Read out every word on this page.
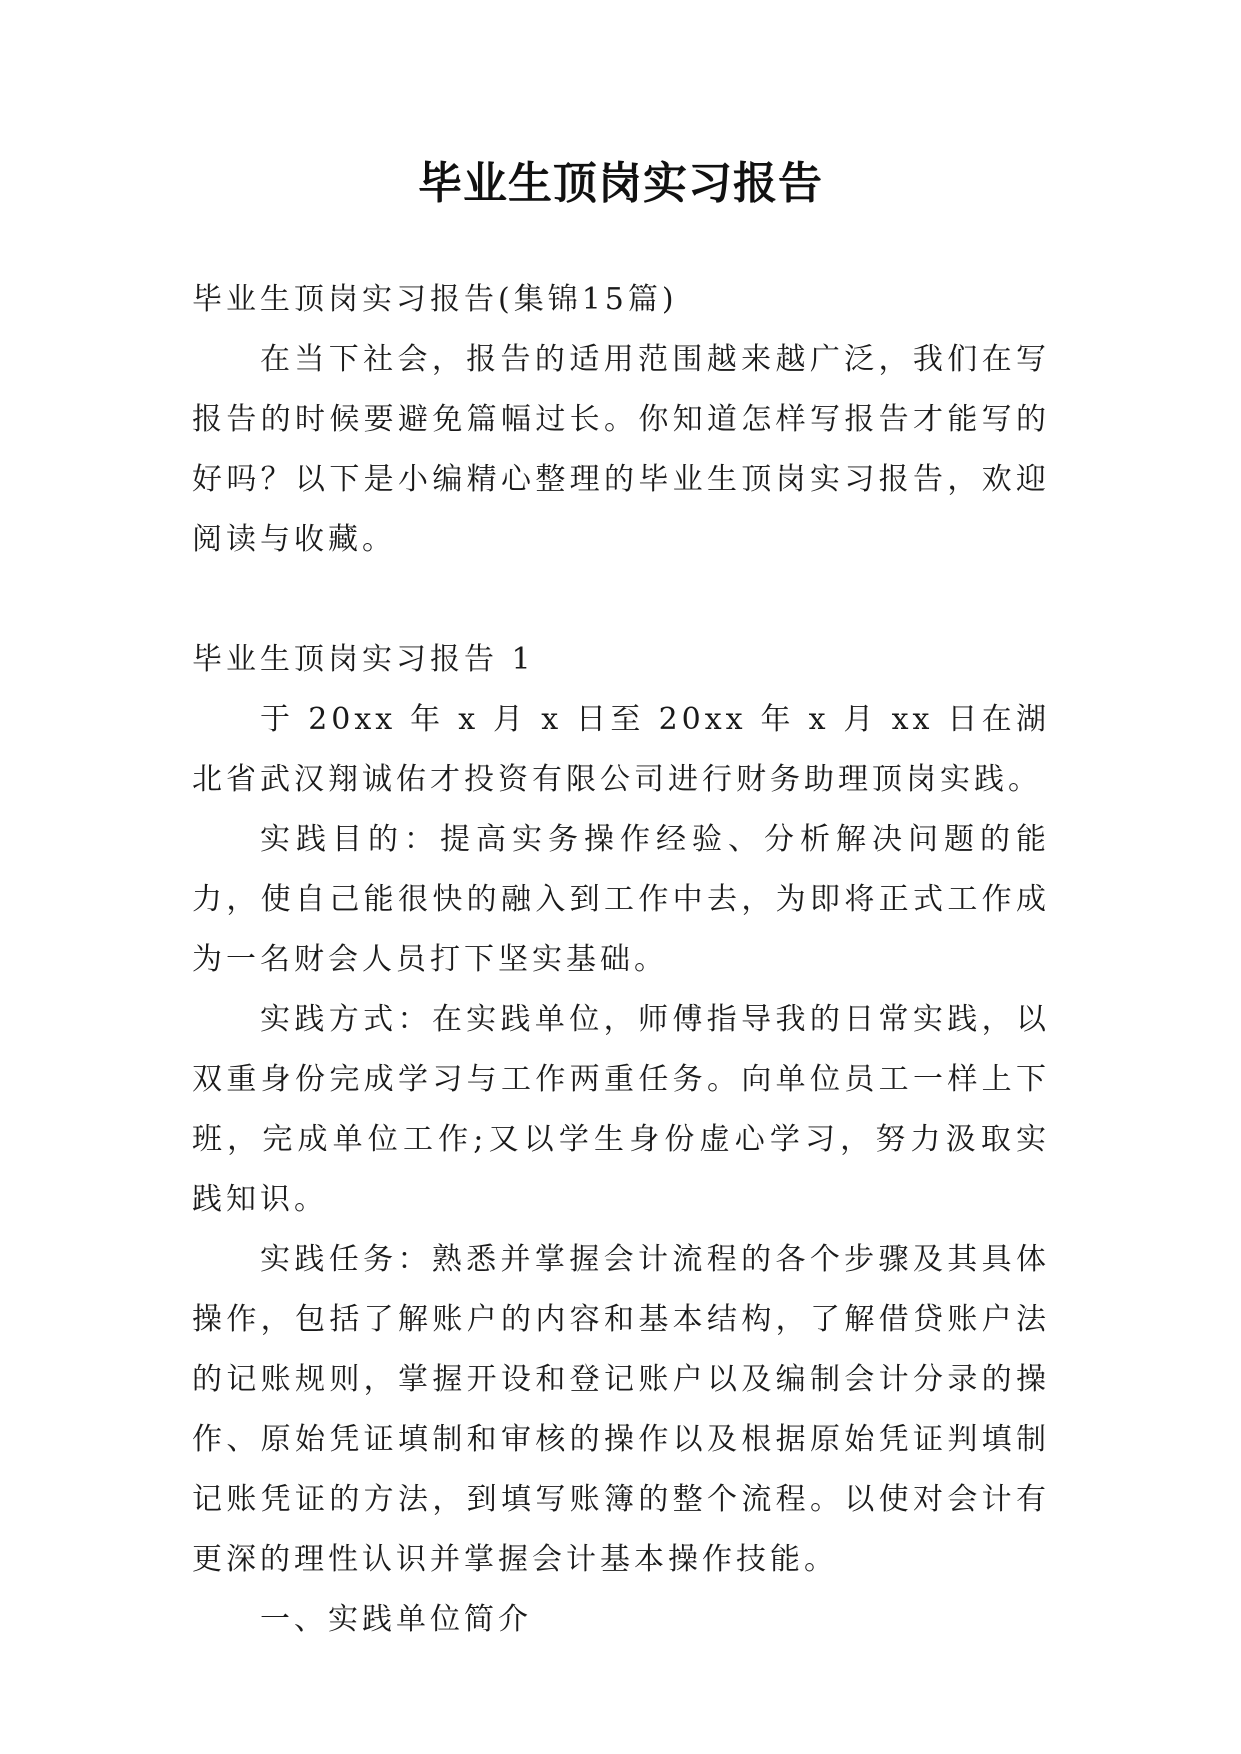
毕业生顶岗实习报告

毕业生顶岗实习报告(集锦15篇)

在当下社会，报告的适用范围越来越广泛，我们在写报告的时候要避免篇幅过长。你知道怎样写报告才能写的好吗？以下是小编精心整理的毕业生顶岗实习报告，欢迎阅读与收藏。

毕业生顶岗实习报告 1

于 20xx 年 x 月 x 日至 20xx 年 x 月 xx 日在湖北省武汉翔诚佑才投资有限公司进行财务助理顶岗实践。

实践目的：提高实务操作经验、分析解决问题的能力，使自己能很快的融入到工作中去，为即将正式工作成为一名财会人员打下坚实基础。

实践方式：在实践单位，师傅指导我的日常实践，以双重身份完成学习与工作两重任务。向单位员工一样上下班，完成单位工作;又以学生身份虚心学习，努力汲取实践知识。

实践任务：熟悉并掌握会计流程的各个步骤及其具体操作，包括了解账户的内容和基本结构，了解借贷账户法的记账规则，掌握开设和登记账户以及编制会计分录的操作、原始凭证填制和审核的操作以及根据原始凭证判填制记账凭证的方法，到填写账簿的整个流程。以使对会计有更深的理性认识并掌握会计基本操作技能。

一、实践单位简介
